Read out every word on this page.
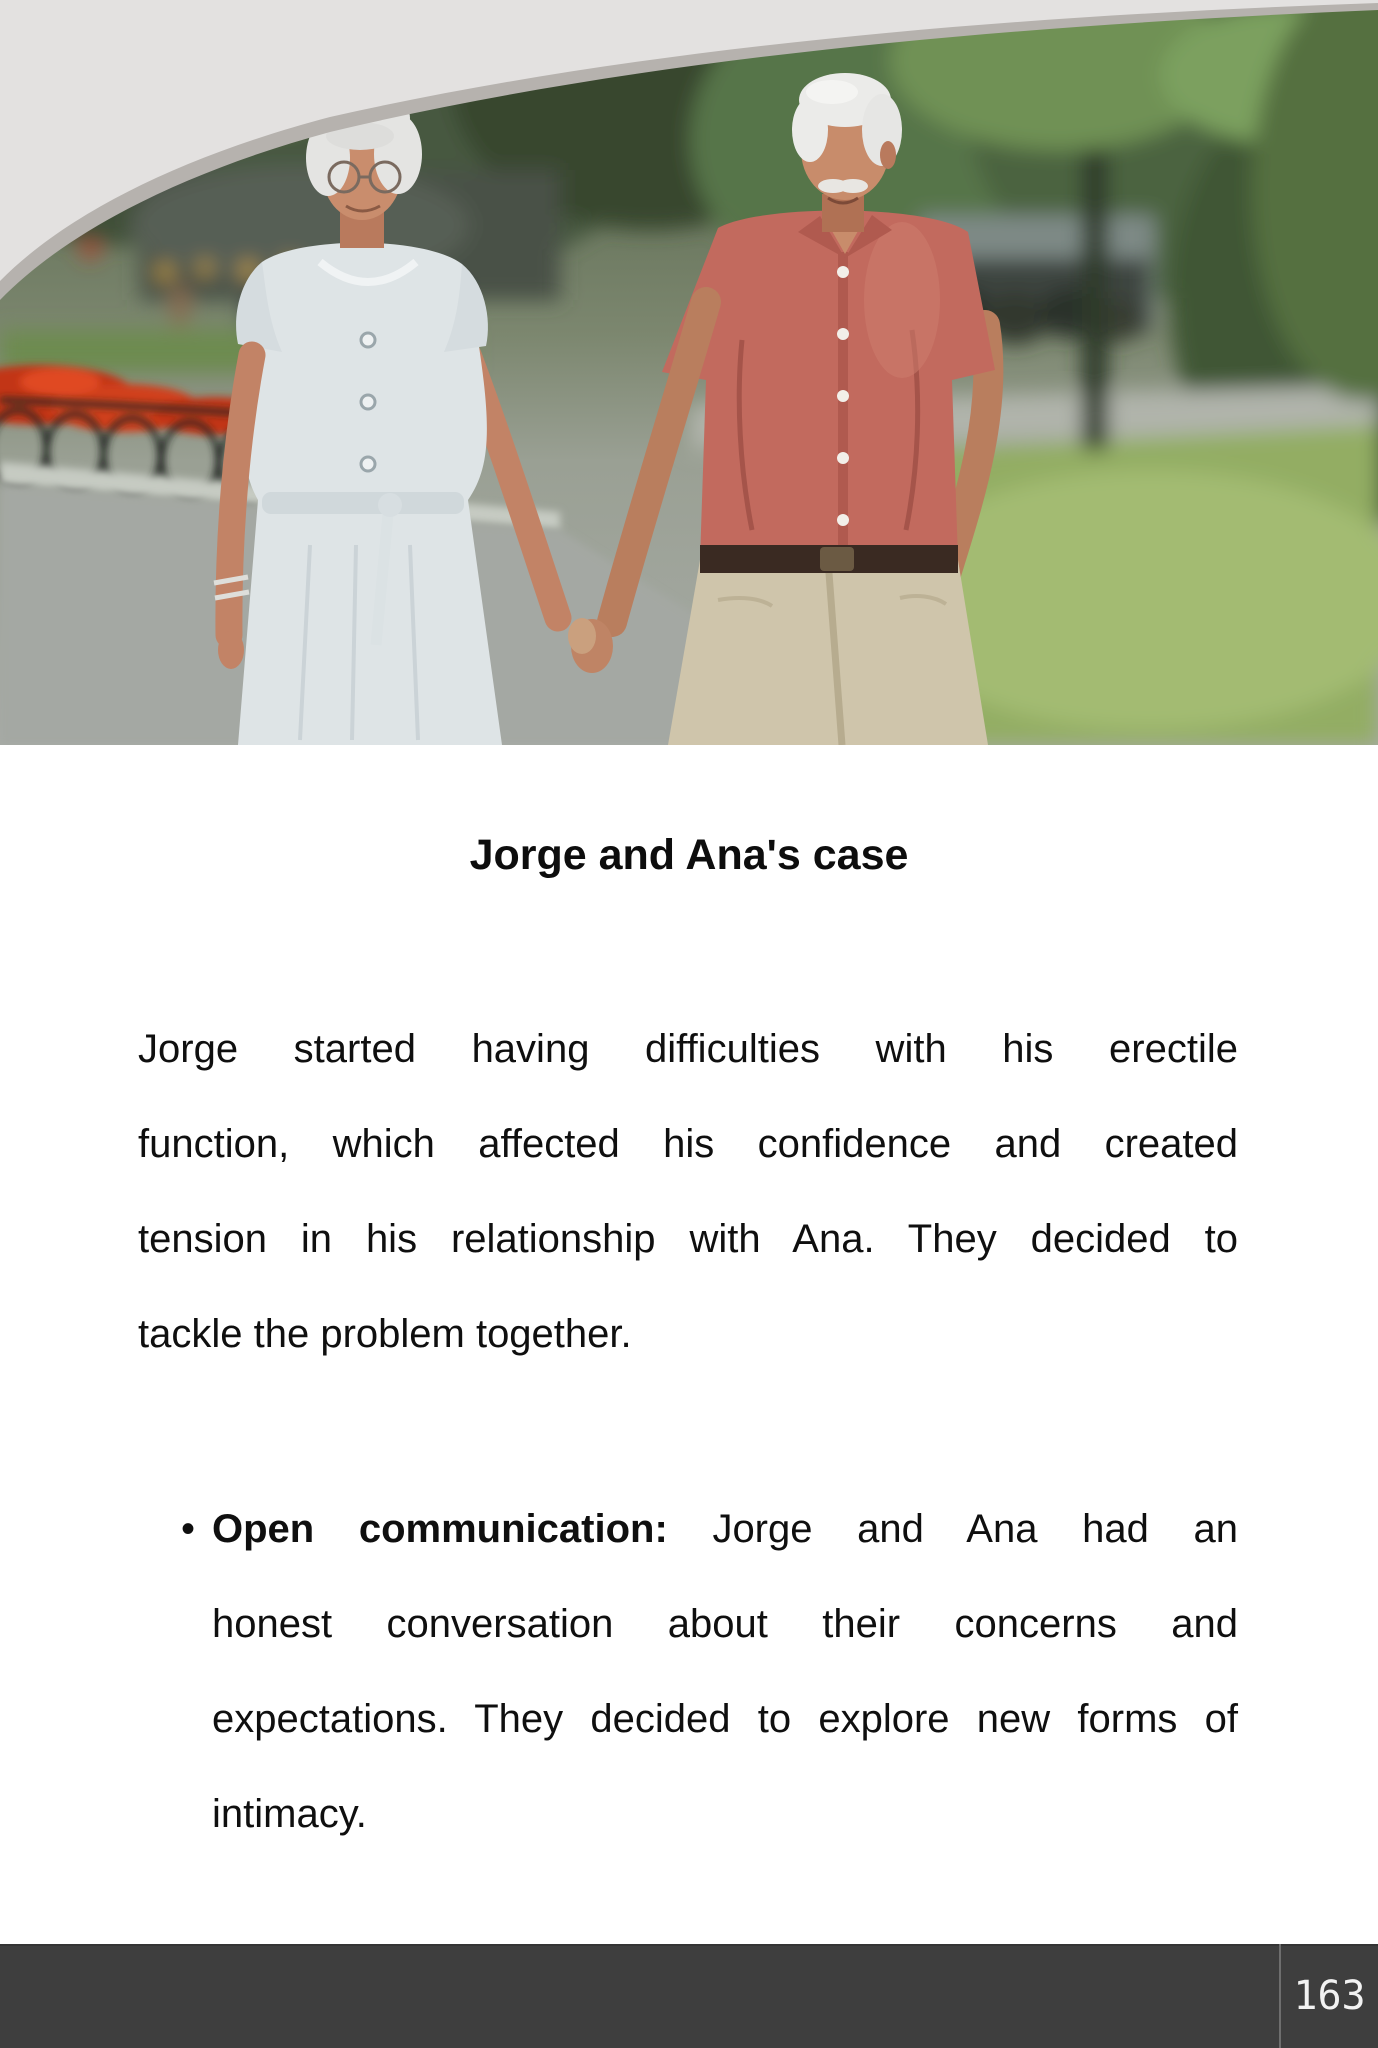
Jorge and Ana's case
Jorge started having difficulties with his erectile
function, which affected his confidence and created
tension in his relationship with Ana. They decided to
tackle the problem together.
• Open communication: Jorge and Ana had an
honest conversation about their concerns and
expectations. They decided to explore new forms of
intimacy.
163
